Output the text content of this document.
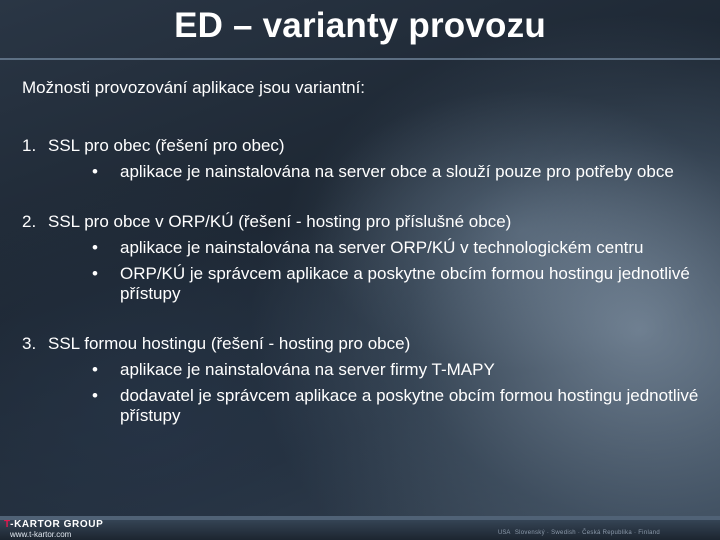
ED – varianty provozu
Možnosti provozování aplikace jsou variantní:
1. SSL pro obec (řešení pro obec)
•	aplikace je nainstalována na server obce a slouží pouze pro potřeby obce
2. SSL pro obce v ORP/KÚ (řešení - hosting pro příslušné obce)
•	aplikace je nainstalována na server ORP/KÚ v technologickém centru
•	ORP/KÚ je správcem aplikace a poskytne obcím formou hostingu jednotlivé přístupy
3. SSL formou hostingu (řešení - hosting pro obce)
•	aplikace je nainstalována na server firmy T-MAPY
•	dodavatel je správcem aplikace a poskytne obcím formou hostingu jednotlivé přístupy
T-KARTOR GROUP
www.t-kartor.com	USA Slovenský · Swedish · Česká Republika · Finland
